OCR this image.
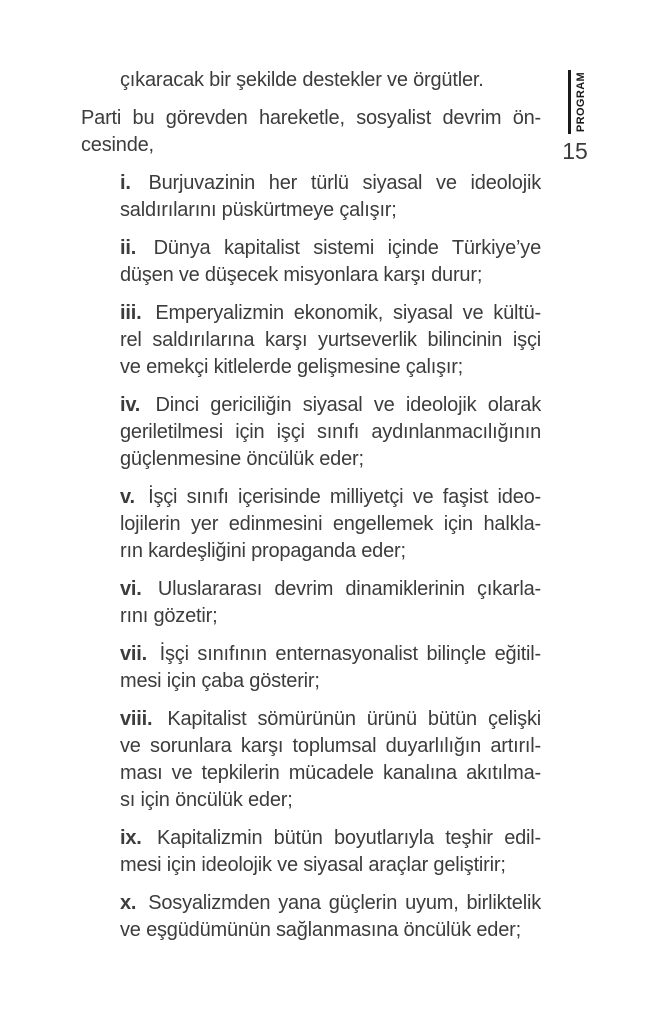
PROGRAM
15
çıkaracak bir şekilde destekler ve örgütler.
Parti bu görevden hareketle, sosyalist devrim ön-
cesinde,
i. Burjuvazinin her türlü siyasal ve ideolojik
saldırılarını püskürtmeye çalışır;
ii. Dünya kapitalist sistemi içinde Türkiye’ye
düşen ve düşecek misyonlara karşı durur;
iii. Emperyalizmin ekonomik, siyasal ve kültü-
rel saldırılarına karşı yurtseverlik bilincinin işçi
ve emekçi kitlelerde gelişmesine çalışır;
iv. Dinci gericiliğin siyasal ve ideolojik olarak
geriletilmesi için işçi sınıfı aydınlanmacılığının
güçlenmesine öncülük eder;
v. İşçi sınıfı içerisinde milliyetçi ve faşist ideo-
lojilerin yer edinmesini engellemek için halkla-
rın kardeşliğini propaganda eder;
vi. Uluslararası devrim dinamiklerinin çıkarla-
rını gözetir;
vii. İşçi sınıfının enternasyonalist bilinçle eğitil-
mesi için çaba gösterir;
viii. Kapitalist sömürünün ürünü bütün çelişki
ve sorunlara karşı toplumsal duyarlılığın artırıl-
ması ve tepkilerin mücadele kanalına akıtılma-
sı için öncülük eder;
ix. Kapitalizmin bütün boyutlarıyla teşhir edil-
mesi için ideolojik ve siyasal araçlar geliştirir;
x. Sosyalizmden yana güçlerin uyum, birliktelik
ve eşgüdümünün sağlanmasına öncülük eder;
